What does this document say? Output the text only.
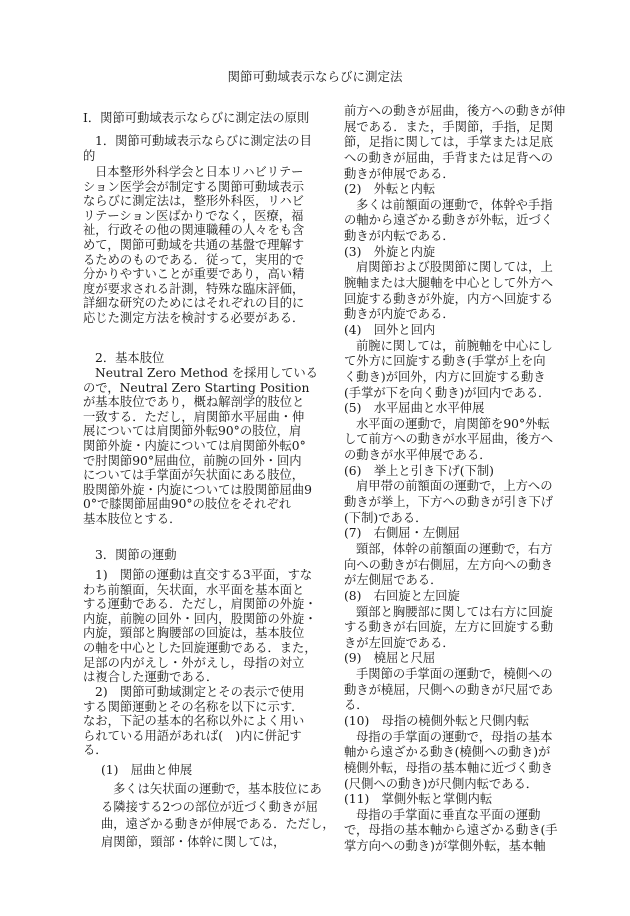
関節可動域表示ならびに測定法
I．関節可動域表示ならびに測定法の原則
1．関節可動域表示ならびに測定法の目
的
日本整形外科学会と日本リハビリテー
ション医学会が制定する関節可動域表示
ならびに測定法は，整形外科医，リハビ
リテーション医ばかりでなく，医療，福
祉，行政その他の関連職種の人々をも含
めて，関節可動域を共通の基盤で理解す
るためのものである．従って，実用的で
分かりやすいことが重要であり，高い精
度が要求される計測，特殊な臨床評価，
詳細な研究のためにはそれぞれの目的に
応じた測定方法を検討する必要がある．
2．基本肢位
Neutral Zero Method を採用している
ので，Neutral Zero Starting Position
が基本肢位であり，概ね解剖学的肢位と
一致する．ただし，肩関節水平屈曲・伸
展については肩関節外転90°の肢位，肩
関節外旋・内旋については肩関節外転0°
で肘関節90°屈曲位，前腕の回外・回内
については手掌面が矢状面にある肢位，
股関節外旋・内旋については股関節屈曲9
0°で膝関節屈曲90°の肢位をそれぞれ
基本肢位とする．
3．関節の運動
1)　関節の運動は直交する3平面，すな
わち前額面，矢状面，水平面を基本面と
する運動である．ただし，肩関節の外旋・
内旋，前腕の回外・回内，股関節の外旋・
内旋，頸部と胸腰部の回旋は，基本肢位
の軸を中心とした回旋運動である．また，
足部の内がえし・外がえし，母指の対立
は複合した運動である．
2)　関節可動域測定とその表示で使用
する関節運動とその名称を以下に示す．
なお，下記の基本的名称以外によく用い
られている用語があれば(　)内に併記す
る．
(1)　屈曲と伸展
多くは矢状面の運動で，基本肢位にあ
る隣接する2つの部位が近づく動きが屈
曲，遠ざかる動きが伸展である．ただし，
肩関節，頸部・体幹に関しては，
前方への動きが屈曲，後方への動きが伸
展である．また，手関節，手指，足関
節，足指に関しては，手掌または足底
への動きが屈曲，手背または足背への
動きが伸展である．
(2)　外転と内転
多くは前額面の運動で，体幹や手指
の軸から遠ざかる動きが外転，近づく
動きが内転である．
(3)　外旋と内旋
肩関節および股関節に関しては，上
腕軸または大腿軸を中心として外方へ
回旋する動きが外旋，内方へ回旋する
動きが内旋である．
(4)　回外と回内
前腕に関しては，前腕軸を中心にし
て外方に回旋する動き(手掌が上を向
く動き)が回外，内方に回旋する動き
(手掌が下を向く動き)が回内である．
(5)　水平屈曲と水平伸展
水平面の運動で，肩関節を90°外転
して前方への動きが水平屈曲，後方へ
の動きが水平伸展である．
(6)　挙上と引き下げ(下制)
肩甲帯の前額面の運動で，上方への
動きが挙上，下方への動きが引き下げ
(下制)である．
(7)　右側屈・左側屈
頸部，体幹の前額面の運動で，右方
向への動きが右側屈，左方向への動き
が左側屈である．
(8)　右回旋と左回旋
頸部と胸腰部に関しては右方に回旋
する動きが右回旋，左方に回旋する動
きが左回旋である．
(9)　橈屈と尺屈
手関節の手掌面の運動で，橈側への
動きが橈屈，尺側への動きが尺屈であ
る．
(10)　母指の橈側外転と尺側内転
母指の手掌面の運動で，母指の基本
軸から遠ざかる動き(橈側への動き)が
橈側外転，母指の基本軸に近づく動き
(尺側への動き)が尺側内転である．
(11)　掌側外転と掌側内転
母指の手掌面に垂直な平面の運動
で，母指の基本軸から遠ざかる動き(手
掌方向への動き)が掌側外転，基本軸
